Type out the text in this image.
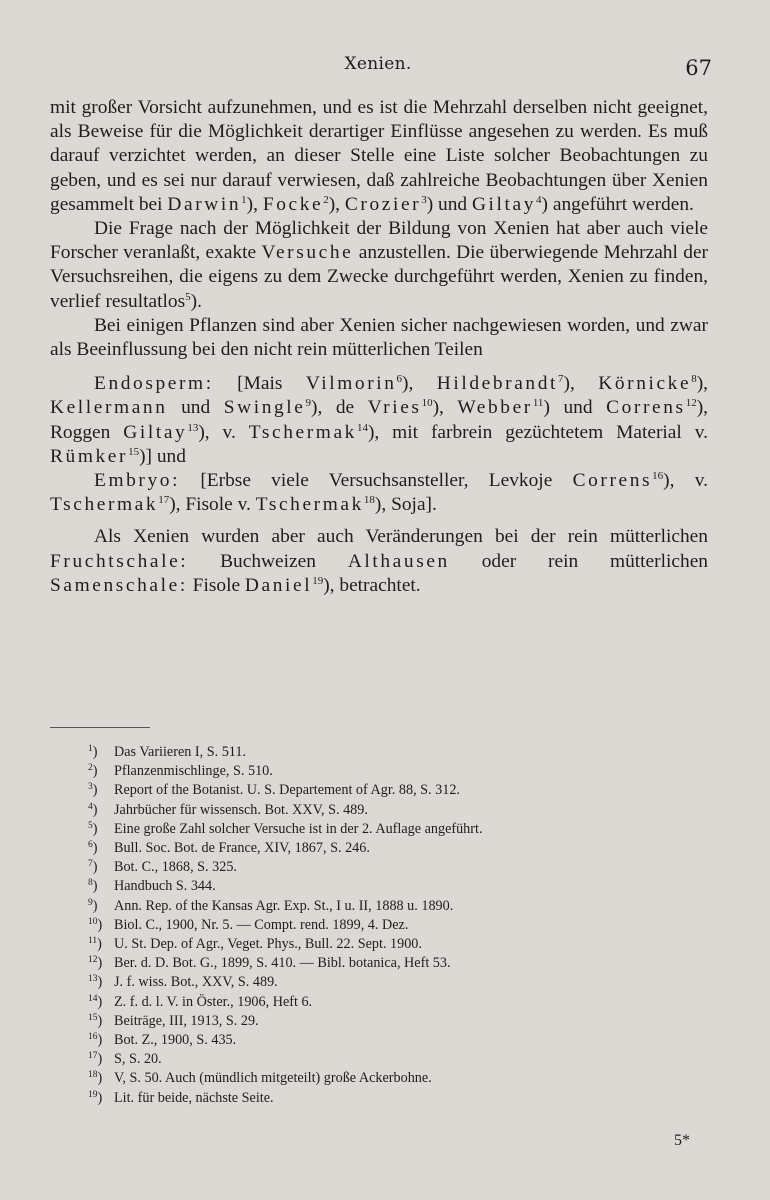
Xenien.	67

mit großer Vorsicht aufzunehmen, und es ist die Mehrzahl derselben nicht geeignet, als Beweise für die Möglichkeit derartiger Einflüsse angesehen zu werden. Es muß darauf verzichtet werden, an dieser Stelle eine Liste solcher Beobachtungen zu geben, und es sei nur darauf verwiesen, daß zahlreiche Beobachtungen über Xenien gesammelt bei Darwin$^1$), Focke$^2$), Crozier$^3$) und Giltay$^4$) angeführt werden.

Die Frage nach der Möglichkeit der Bildung von Xenien hat aber auch viele Forscher veranlaßt, exakte Versuche anzustellen. Die überwiegende Mehrzahl der Versuchsreihen, die eigens zu dem Zwecke durchgeführt werden, Xenien zu finden, verlief resultatlos$^5$).

Bei einigen Pflanzen sind aber Xenien sicher nachgewiesen worden, und zwar als Beeinflussung bei den nicht rein mütterlichen Teilen

Endosperm: [Mais Vilmorin$^6$), Hildebrandt$^7$), Körnicke$^8$), Kellermann und Swingle$^9$), de Vries$^{10}$), Webber$^{11}$) und Correns$^{12}$), Roggen Giltay$^{13}$), v. Tschermak$^{14}$), mit farbrein gezüchtetem Material v. Rümker$^{15}$)] und

Embryo: [Erbse viele Versuchsansteller, Levkoje Correns$^{16}$), v. Tschermak$^{17}$), Fisole v. Tschermak$^{18}$), Soja].

Als Xenien wurden aber auch Veränderungen bei der rein mütterlichen Fruchtschale: Buchweizen Althausen oder rein mütterlichen Samenschale: Fisole Daniel$^{19}$), betrachtet.

$^1$)	Das Variieren I, S. 511.
$^2$)	Pflanzenmischlinge, S. 510.
$^3$)	Report of the Botanist. U. S. Departement of Agr. 88, S. 312.
$^4$)	Jahrbücher für wissensch. Bot. XXV, S. 489.
$^5$)	Eine große Zahl solcher Versuche ist in der 2. Auflage angeführt.
$^6$)	Bull. Soc. Bot. de France, XIV, 1867, S. 246.
$^7$)	Bot. C., 1868, S. 325.
$^8$)	Handbuch S. 344.
$^9$)	Ann. Rep. of the Kansas Agr. Exp. St., I u. II, 1888 u. 1890.
$^{10}$) Biol. C., 1900, Nr. 5. — Compt. rend. 1899, 4. Dez.
$^{11}$) U. St. Dep. of Agr., Veget. Phys., Bull. 22. Sept. 1900.
$^{12}$) Ber. d. D. Bot. G., 1899, S. 410. — Bibl. botanica, Heft 53.
$^{13}$) J. f. wiss. Bot., XXV, S. 489.
$^{14}$) Z. f. d. l. V. in Öster., 1906, Heft 6.
$^{15}$) Beiträge, III, 1913, S. 29.
$^{16}$) Bot. Z., 1900, S. 435.
$^{17}$) S, S. 20.
$^{18}$) V, S. 50. Auch (mündlich mitgeteilt) große Ackerbohne.
$^{19}$) Lit. für beide, nächste Seite.
5*
